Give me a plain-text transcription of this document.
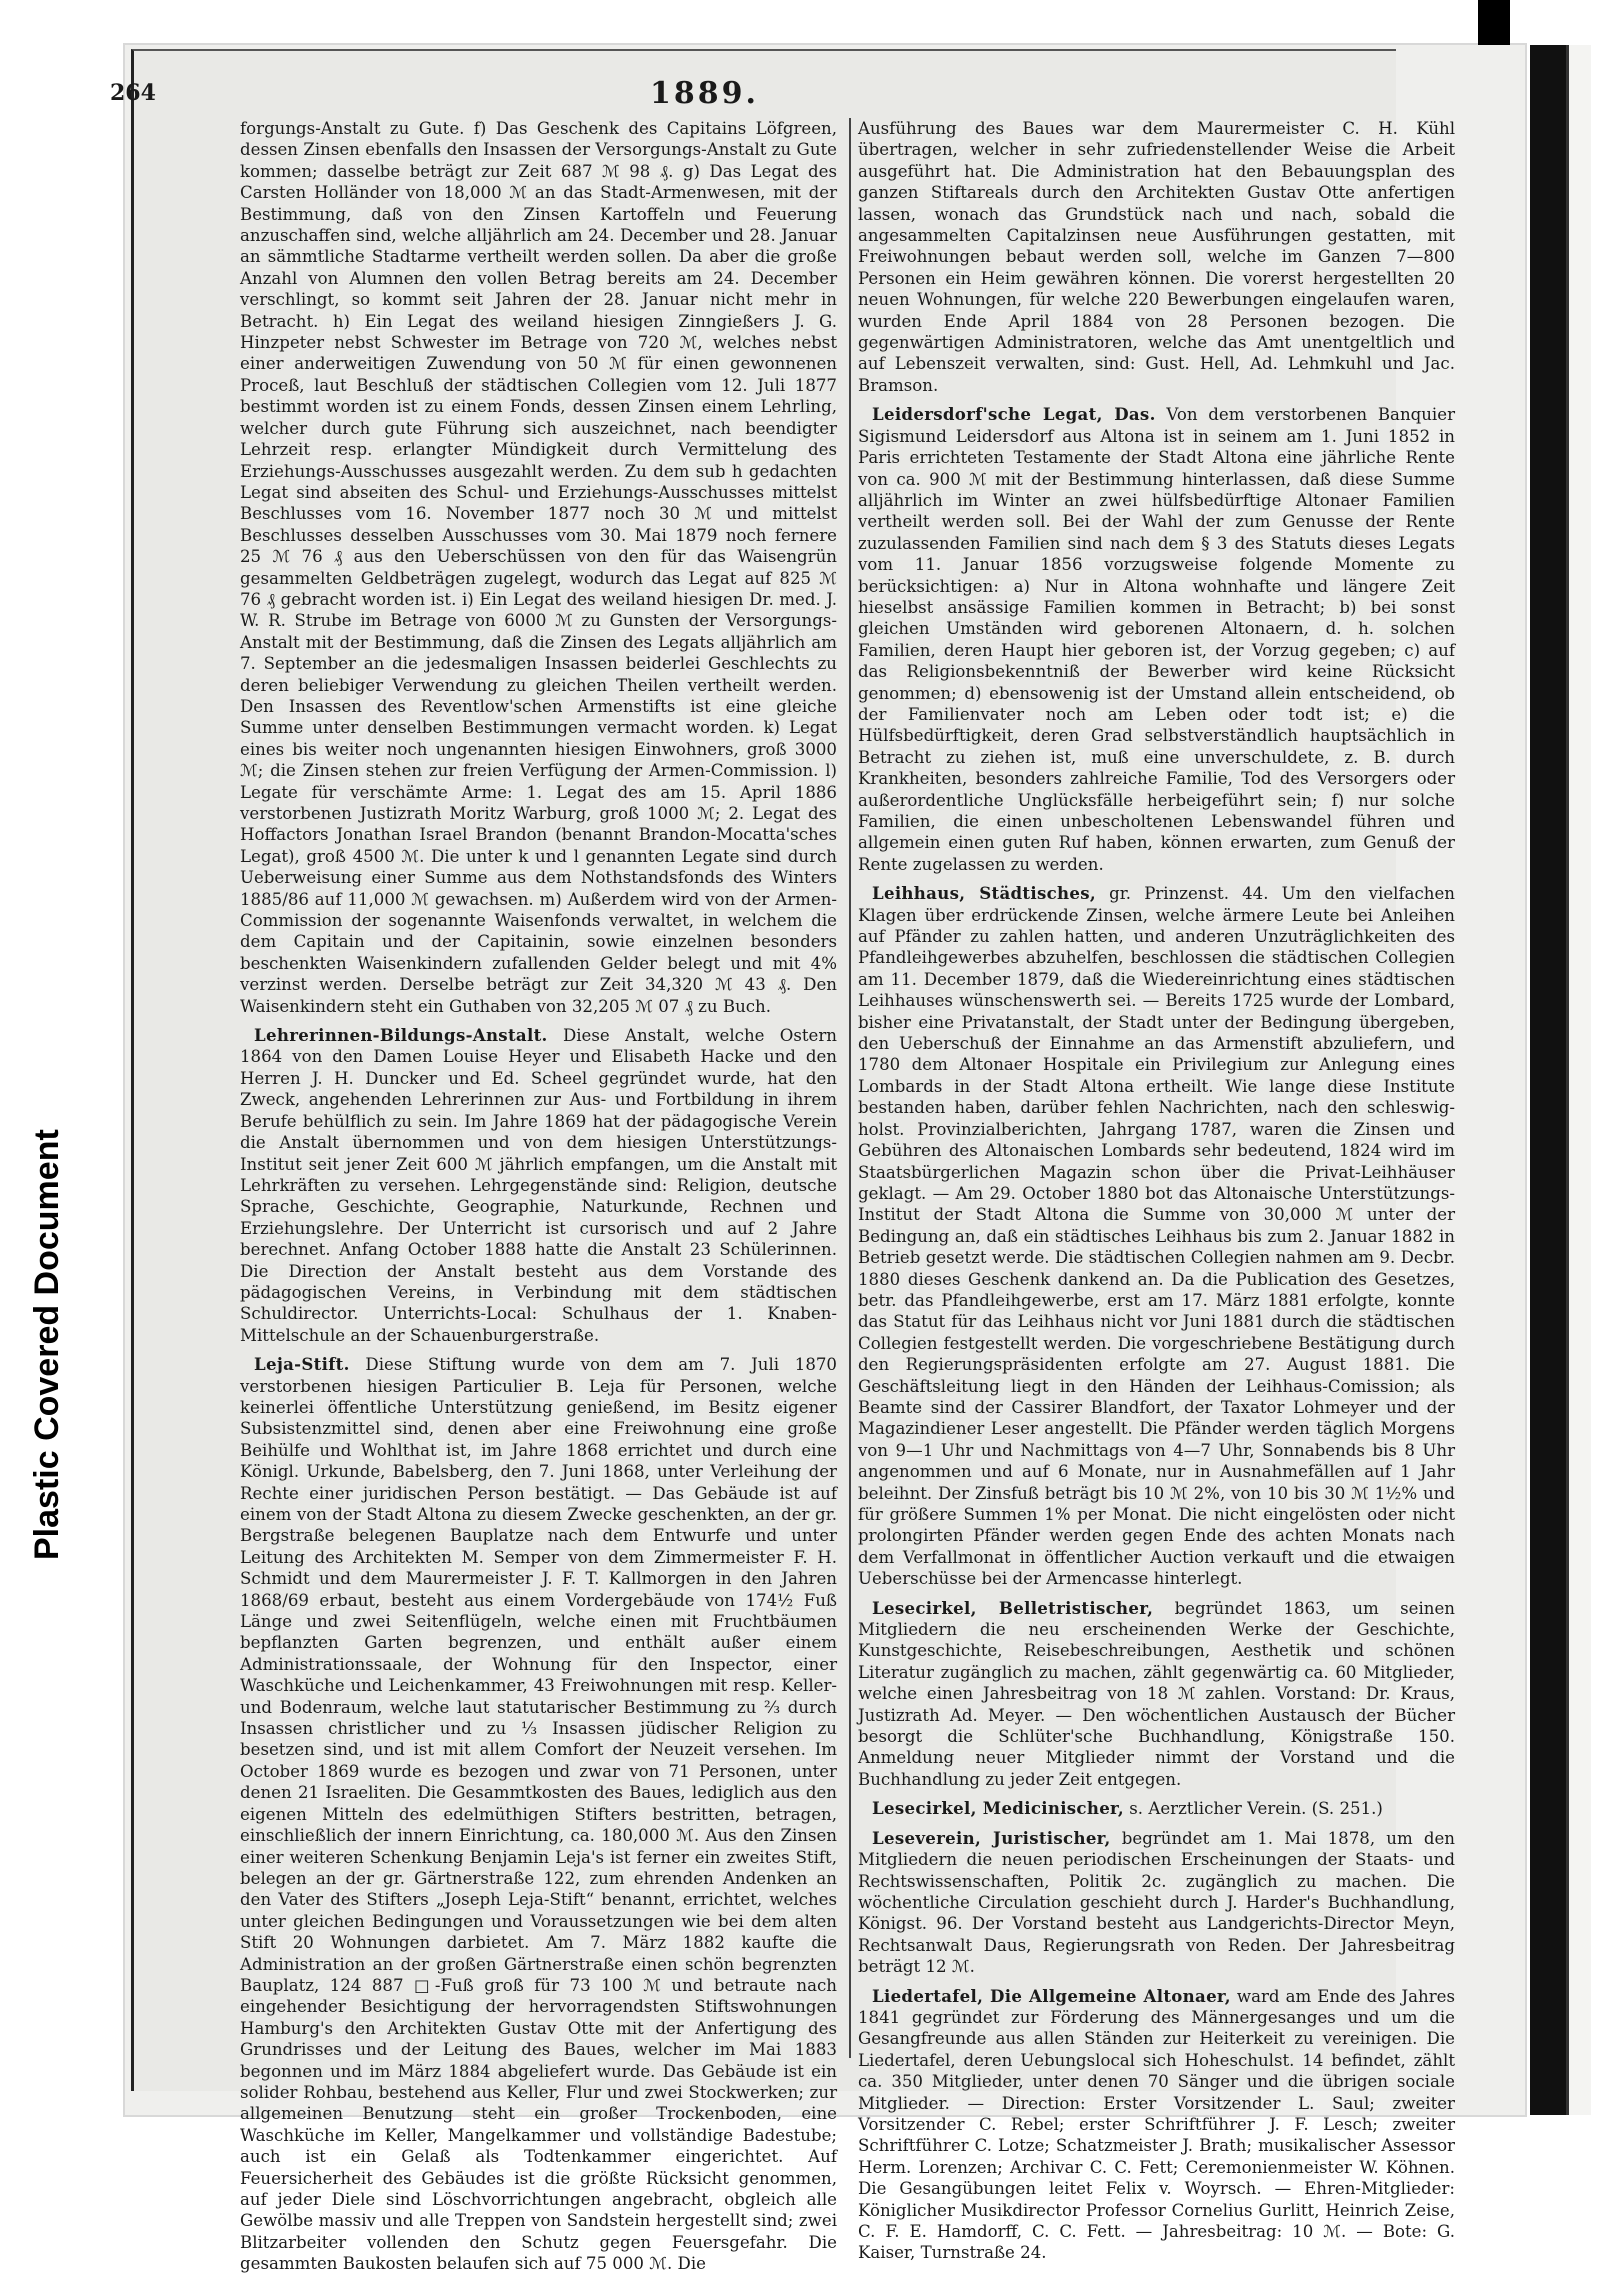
Plastic Covered Document
264	1889.

forgungs-Anstalt zu Gute. f) Das Geschenk des Capitains Löfgreen, dessen Zinsen ebenfalls den Insassen der Versorgungs-Anstalt zu Gute kommen; dasselbe beträgt zur Zeit 687 ℳ 98 ₰. g) Das Legat des Carsten Holländer von 18,000 ℳ an das Stadt-Armenwesen, mit der Bestimmung, daß von den Zinsen Kartoffeln und Feuerung anzuschaffen sind, welche alljährlich am 24. December und 28. Januar an sämmtliche Stadtarme vertheilt werden sollen. Da aber die große Anzahl von Alumnen den vollen Betrag bereits am 24. December verschlingt, so kommt seit Jahren der 28. Januar nicht mehr in Betracht. h) Ein Legat des weiland hiesigen Zinngießers J. G. Hinzpeter nebst Schwester im Betrage von 720 ℳ, welches nebst einer anderweitigen Zuwendung von 50 ℳ für einen gewonnenen Proceß, laut Beschluß der städtischen Collegien vom 12. Juli 1877 bestimmt worden ist zu einem Fonds, dessen Zinsen einem Lehrling, welcher durch gute Führung sich auszeichnet, nach beendigter Lehrzeit resp. erlangter Mündigkeit durch Vermittelung des Erziehungs-Ausschusses ausgezahlt werden. Zu dem sub h gedachten Legat sind abseiten des Schul- und Erziehungs-Ausschusses mittelst Beschlusses vom 16. November 1877 noch 30 ℳ und mittelst Beschlusses desselben Ausschusses vom 30. Mai 1879 noch fernere 25 ℳ 76 ₰ aus den Ueberschüssen von den für das Waisengrün gesammelten Geldbeträgen zugelegt, wodurch das Legat auf 825 ℳ 76 ₰ gebracht worden ist. i) Ein Legat des weiland hiesigen Dr. med. J. W. R. Strube im Betrage von 6000 ℳ zu Gunsten der Versorgungs-Anstalt mit der Bestimmung, daß die Zinsen des Legats alljährlich am 7. September an die jedesmaligen Insassen beiderlei Geschlechts zu deren beliebiger Verwendung zu gleichen Theilen vertheilt werden. Den Insassen des Reventlow'schen Armenstifts ist eine gleiche Summe unter denselben Bestimmungen vermacht worden. k) Legat eines bis weiter noch ungenannten hiesigen Einwohners, groß 3000 ℳ; die Zinsen stehen zur freien Verfügung der Armen-Commission. l) Legate für verschämte Arme: 1. Legat des am 15. April 1886 verstorbenen Justizrath Moritz Warburg, groß 1000 ℳ; 2. Legat des Hoffactors Jonathan Israel Brandon (benannt Brandon-Mocatta'sches Legat), groß 4500 ℳ. Die unter k und l genannten Legate sind durch Ueberweisung einer Summe aus dem Nothstandsfonds des Winters 1885/86 auf 11,000 ℳ gewachsen. m) Außerdem wird von der Armen-Commission der sogenannte Waisenfonds verwaltet, in welchem die dem Capitain und der Capitainin, sowie einzelnen besonders beschenkten Waisenkindern zufallenden Gelder belegt und mit 4% verzinst werden. Derselbe beträgt zur Zeit 34,320 ℳ 43 ₰. Den Waisenkindern steht ein Guthaben von 32,205 ℳ 07 ₰ zu Buch.

Lehrerinnen-Bildungs-Anstalt. Diese Anstalt, welche Ostern 1864 von den Damen Louise Heyer und Elisabeth Hacke und den Herren J. H. Duncker und Ed. Scheel gegründet wurde, hat den Zweck, angehenden Lehrerinnen zur Aus- und Fortbildung in ihrem Berufe behülflich zu sein. Im Jahre 1869 hat der pädagogische Verein die Anstalt übernommen und von dem hiesigen Unterstützungs-Institut seit jener Zeit 600 ℳ jährlich empfangen, um die Anstalt mit Lehrkräften zu versehen. Lehrgegenstände sind: Religion, deutsche Sprache, Geschichte, Geographie, Naturkunde, Rechnen und Erziehungslehre. Der Unterricht ist cursorisch und auf 2 Jahre berechnet. Anfang October 1888 hatte die Anstalt 23 Schülerinnen. Die Direction der Anstalt besteht aus dem Vorstande des pädagogischen Vereins, in Verbindung mit dem städtischen Schuldirector. Unterrichts-Local: Schulhaus der 1. Knaben-Mittelschule an der Schauenburgerstraße.

Leja-Stift. Diese Stiftung wurde von dem am 7. Juli 1870 verstorbenen hiesigen Particulier B. Leja für Personen, welche keinerlei öffentliche Unterstützung genießend, im Besitz eigener Subsistenzmittel sind, denen aber eine Freiwohnung eine große Beihülfe und Wohlthat ist, im Jahre 1868 errichtet und durch eine Königl. Urkunde, Babelsberg, den 7. Juni 1868, unter Verleihung der Rechte einer juridischen Person bestätigt. — Das Gebäude ist auf einem von der Stadt Altona zu diesem Zwecke geschenkten, an der gr. Bergstraße belegenen Bauplatze nach dem Entwurfe und unter Leitung des Architekten M. Semper von dem Zimmermeister F. H. Schmidt und dem Maurermeister J. F. T. Kallmorgen in den Jahren 1868/69 erbaut, besteht aus einem Vordergebäude von 174½ Fuß Länge und zwei Seitenflügeln, welche einen mit Fruchtbäumen bepflanzten Garten begrenzen, und enthält außer einem Administrationssaale, der Wohnung für den Inspector, einer Waschküche und Leichenkammer, 43 Freiwohnungen mit resp. Keller- und Bodenraum, welche laut statutarischer Bestimmung zu ⅔ durch Insassen christlicher und zu ⅓ Insassen jüdischer Religion zu besetzen sind, und ist mit allem Comfort der Neuzeit versehen. Im October 1869 wurde es bezogen und zwar von 71 Personen, unter denen 21 Israeliten. Die Gesammtkosten des Baues, lediglich aus den eigenen Mitteln des edelmüthigen Stifters bestritten, betragen, einschließlich der innern Einrichtung, ca. 180,000 ℳ. Aus den Zinsen einer weiteren Schenkung Benjamin Leja's ist ferner ein zweites Stift, belegen an der gr. Gärtnerstraße 122, zum ehrenden Andenken an den Vater des Stifters „Joseph Leja-Stift“ benannt, errichtet, welches unter gleichen Bedingungen und Voraussetzungen wie bei dem alten Stift 20 Wohnungen darbietet. Am 7. März 1882 kaufte die Administration an der großen Gärtnerstraße einen schön begrenzten Bauplatz, 124 887 □-Fuß groß für 73 100 ℳ und betraute nach eingehender Besichtigung der hervorragendsten Stiftswohnungen Hamburg's den Architekten Gustav Otte mit der Anfertigung des Grundrisses und der Leitung des Baues, welcher im Mai 1883 begonnen und im März 1884 abgeliefert wurde. Das Gebäude ist ein solider Rohbau, bestehend aus Keller, Flur und zwei Stockwerken; zur allgemeinen Benutzung steht ein großer Trockenboden, eine Waschküche im Keller, Mangelkammer und vollständige Badestube; auch ist ein Gelaß als Todtenkammer eingerichtet. Auf Feuersicherheit des Gebäudes ist die größte Rücksicht genommen, auf jeder Diele sind Löschvorrichtungen angebracht, obgleich alle Gewölbe massiv und alle Treppen von Sandstein hergestellt sind; zwei Blitzarbeiter vollenden den Schutz gegen Feuersgefahr. Die gesammten Baukosten belaufen sich auf 75 000 ℳ. Die

Ausführung des Baues war dem Maurermeister C. H. Kühl übertragen, welcher in sehr zufriedenstellender Weise die Arbeit ausgeführt hat. Die Administration hat den Bebauungsplan des ganzen Stiftareals durch den Architekten Gustav Otte anfertigen lassen, wonach das Grundstück nach und nach, sobald die angesammelten Capitalzinsen neue Ausführungen gestatten, mit Freiwohnungen bebaut werden soll, welche im Ganzen 7—800 Personen ein Heim gewähren können. Die vorerst hergestellten 20 neuen Wohnungen, für welche 220 Bewerbungen eingelaufen waren, wurden Ende April 1884 von 28 Personen bezogen. Die gegenwärtigen Administratoren, welche das Amt unentgeltlich und auf Lebenszeit verwalten, sind: Gust. Hell, Ad. Lehmkuhl und Jac. Bramson.

Leidersdorf'sche Legat, Das. Von dem verstorbenen Banquier Sigismund Leidersdorf aus Altona ist in seinem am 1. Juni 1852 in Paris errichteten Testamente der Stadt Altona eine jährliche Rente von ca. 900 ℳ mit der Bestimmung hinterlassen, daß diese Summe alljährlich im Winter an zwei hülfsbedürftige Altonaer Familien vertheilt werden soll. Bei der Wahl der zum Genusse der Rente zuzulassenden Familien sind nach dem § 3 des Statuts dieses Legats vom 11. Januar 1856 vorzugsweise folgende Momente zu berücksichtigen: a) Nur in Altona wohnhafte und längere Zeit hieselbst ansässige Familien kommen in Betracht; b) bei sonst gleichen Umständen wird geborenen Altonaern, d. h. solchen Familien, deren Haupt hier geboren ist, der Vorzug gegeben; c) auf das Religionsbekenntniß der Bewerber wird keine Rücksicht genommen; d) ebensowenig ist der Umstand allein entscheidend, ob der Familienvater noch am Leben oder todt ist; e) die Hülfsbedürftigkeit, deren Grad selbstverständlich hauptsächlich in Betracht zu ziehen ist, muß eine unverschuldete, z. B. durch Krankheiten, besonders zahlreiche Familie, Tod des Versorgers oder außerordentliche Unglücksfälle herbeigeführt sein; f) nur solche Familien, die einen unbescholtenen Lebenswandel führen und allgemein einen guten Ruf haben, können erwarten, zum Genuß der Rente zugelassen zu werden.

Leihhaus, Städtisches, gr. Prinzenst. 44. Um den vielfachen Klagen über erdrückende Zinsen, welche ärmere Leute bei Anleihen auf Pfänder zu zahlen hatten, und anderen Unzuträglichkeiten des Pfandleihgewerbes abzuhelfen, beschlossen die städtischen Collegien am 11. December 1879, daß die Wiedereinrichtung eines städtischen Leihhauses wünschenswerth sei. — Bereits 1725 wurde der Lombard, bisher eine Privatanstalt, der Stadt unter der Bedingung übergeben, den Ueberschuß der Einnahme an das Armenstift abzuliefern, und 1780 dem Altonaer Hospitale ein Privilegium zur Anlegung eines Lombards in der Stadt Altona ertheilt. Wie lange diese Institute bestanden haben, darüber fehlen Nachrichten, nach den schleswig-holst. Provinzialberichten, Jahrgang 1787, waren die Zinsen und Gebühren des Altonaischen Lombards sehr bedeutend, 1824 wird im Staatsbürgerlichen Magazin schon über die Privat-Leihhäuser geklagt. — Am 29. October 1880 bot das Altonaische Unterstützungs-Institut der Stadt Altona die Summe von 30,000 ℳ unter der Bedingung an, daß ein städtisches Leihhaus bis zum 2. Januar 1882 in Betrieb gesetzt werde. Die städtischen Collegien nahmen am 9. Decbr. 1880 dieses Geschenk dankend an. Da die Publication des Gesetzes, betr. das Pfandleihgewerbe, erst am 17. März 1881 erfolgte, konnte das Statut für das Leihhaus nicht vor Juni 1881 durch die städtischen Collegien festgestellt werden. Die vorgeschriebene Bestätigung durch den Regierungspräsidenten erfolgte am 27. August 1881. Die Geschäftsleitung liegt in den Händen der Leihhaus-Comission; als Beamte sind der Cassirer Blandfort, der Taxator Lohmeyer und der Magazindiener Leser angestellt. Die Pfänder werden täglich Morgens von 9—1 Uhr und Nachmittags von 4—7 Uhr, Sonnabends bis 8 Uhr angenommen und auf 6 Monate, nur in Ausnahmefällen auf 1 Jahr beleihnt. Der Zinsfuß beträgt bis 10 ℳ 2%, von 10 bis 30 ℳ 1½% und für größere Summen 1% per Monat. Die nicht eingelösten oder nicht prolongirten Pfänder werden gegen Ende des achten Monats nach dem Verfallmonat in öffentlicher Auction verkauft und die etwaigen Ueberschüsse bei der Armencasse hinterlegt.

Lesecirkel, Belletristischer, begründet 1863, um seinen Mitgliedern die neu erscheinenden Werke der Geschichte, Kunstgeschichte, Reisebeschreibungen, Aesthetik und schönen Literatur zugänglich zu machen, zählt gegenwärtig ca. 60 Mitglieder, welche einen Jahresbeitrag von 18 ℳ zahlen. Vorstand: Dr. Kraus, Justizrath Ad. Meyer. — Den wöchentlichen Austausch der Bücher besorgt die Schlüter'sche Buchhandlung, Königstraße 150. Anmeldung neuer Mitglieder nimmt der Vorstand und die Buchhandlung zu jeder Zeit entgegen.

Lesecirkel, Medicinischer, s. Aerztlicher Verein. (S. 251.)

Leseverein, Juristischer, begründet am 1. Mai 1878, um den Mitgliedern die neuen periodischen Erscheinungen der Staats- und Rechtswissenschaften, Politik 2c. zugänglich zu machen. Die wöchentliche Circulation geschieht durch J. Harder's Buchhandlung, Königst. 96. Der Vorstand besteht aus Landgerichts-Director Meyn, Rechtsanwalt Daus, Regierungsrath von Reden. Der Jahresbeitrag beträgt 12 ℳ.

Liedertafel, Die Allgemeine Altonaer, ward am Ende des Jahres 1841 gegründet zur Förderung des Männergesanges und um die Gesangfreunde aus allen Ständen zur Heiterkeit zu vereinigen. Die Liedertafel, deren Uebungslocal sich Hoheschulst. 14 befindet, zählt ca. 350 Mitglieder, unter denen 70 Sänger und die übrigen sociale Mitglieder. — Direction: Erster Vorsitzender L. Saul; zweiter Vorsitzender C. Rebel; erster Schriftführer J. F. Lesch; zweiter Schriftführer C. Lotze; Schatzmeister J. Brath; musikalischer Assessor Herm. Lorenzen; Archivar C. C. Fett; Ceremonienmeister W. Köhnen. Die Gesangübungen leitet Felix v. Woyrsch. — Ehren-Mitglieder: Königlicher Musikdirector Professor Cornelius Gurlitt, Heinrich Zeise, C. F. E. Hamdorff, C. C. Fett. — Jahresbeitrag: 10 ℳ. — Bote: G. Kaiser, Turnstraße 24.
